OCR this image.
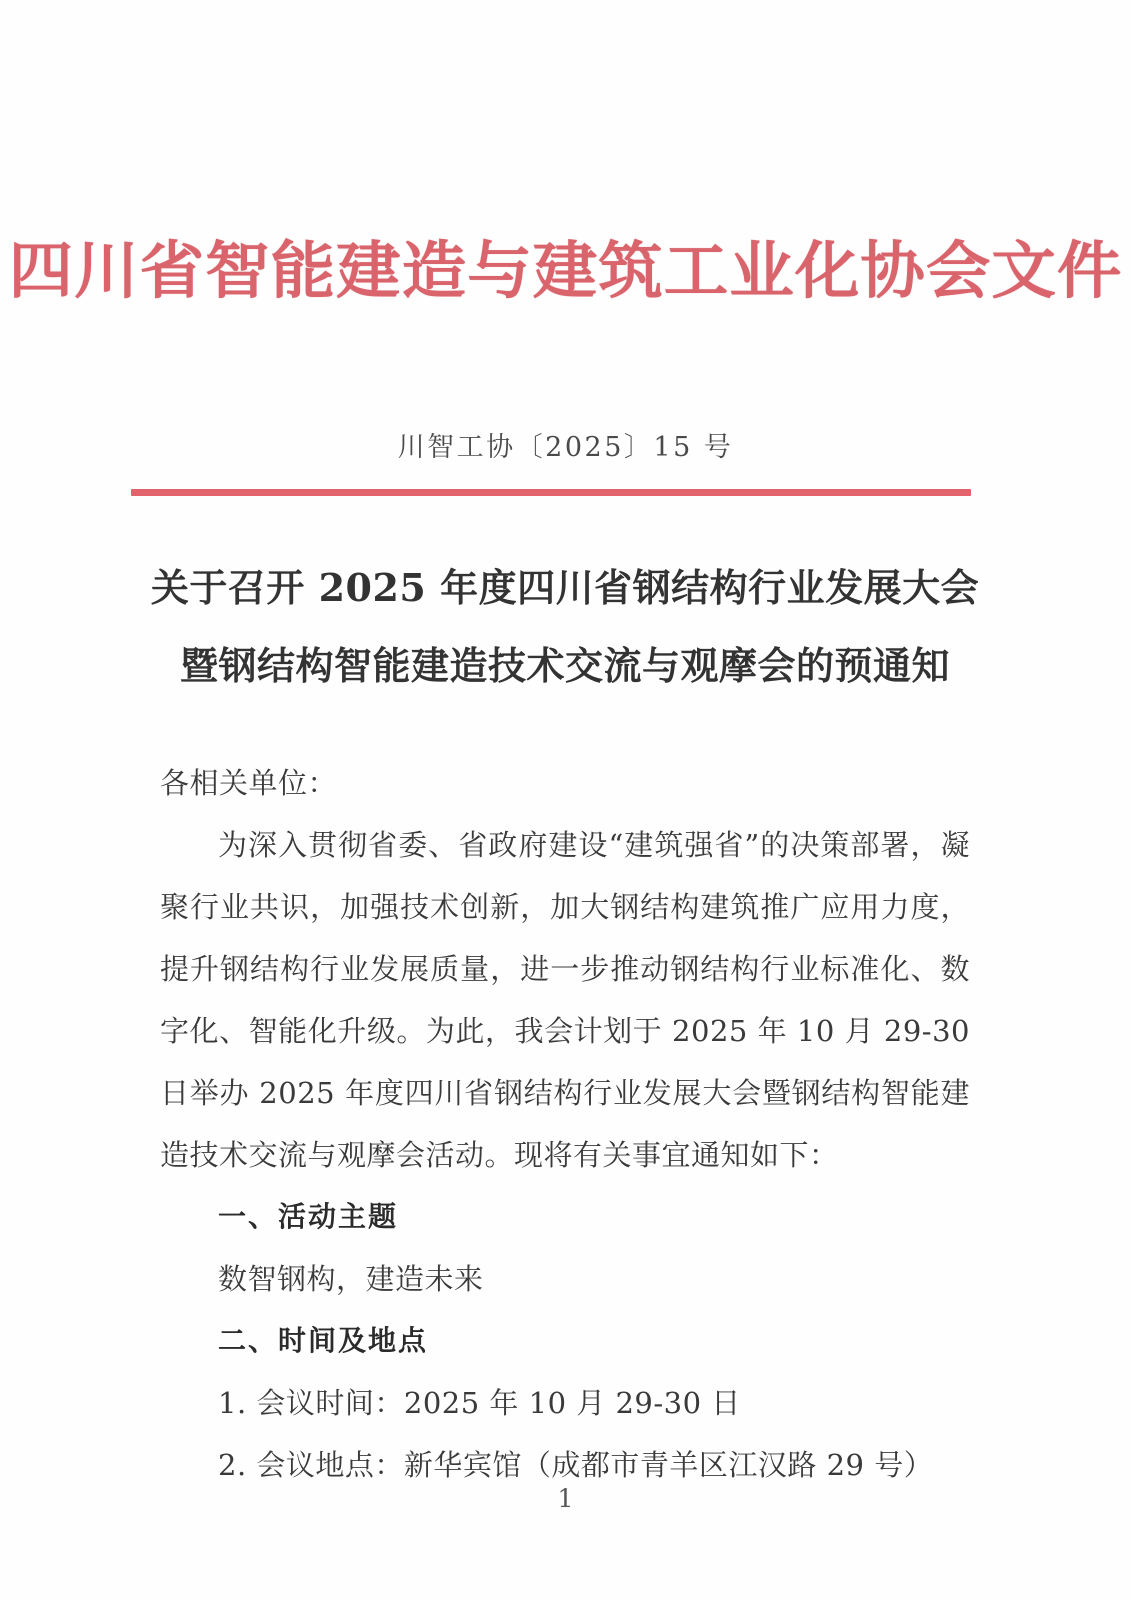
四川省智能建造与建筑工业化协会文件
川智工协〔2025〕15 号
关于召开 2025 年度四川省钢结构行业发展大会
暨钢结构智能建造技术交流与观摩会的预通知
各相关单位：

为深入贯彻省委、省政府建设“建筑强省”的决策部署，凝聚行业共识，加强技术创新，加大钢结构建筑推广应用力度，提升钢结构行业发展质量，进一步推动钢结构行业标准化、数字化、智能化升级。为此，我会计划于 2025 年 10 月 29-30 日举办 2025 年度四川省钢结构行业发展大会暨钢结构智能建造技术交流与观摩会活动。现将有关事宜通知如下：

一、活动主题
数智钢构，建造未来
二、时间及地点
1. 会议时间：2025 年 10 月 29-30 日
2. 会议地点：新华宾馆（成都市青羊区江汉路 29 号）
1
